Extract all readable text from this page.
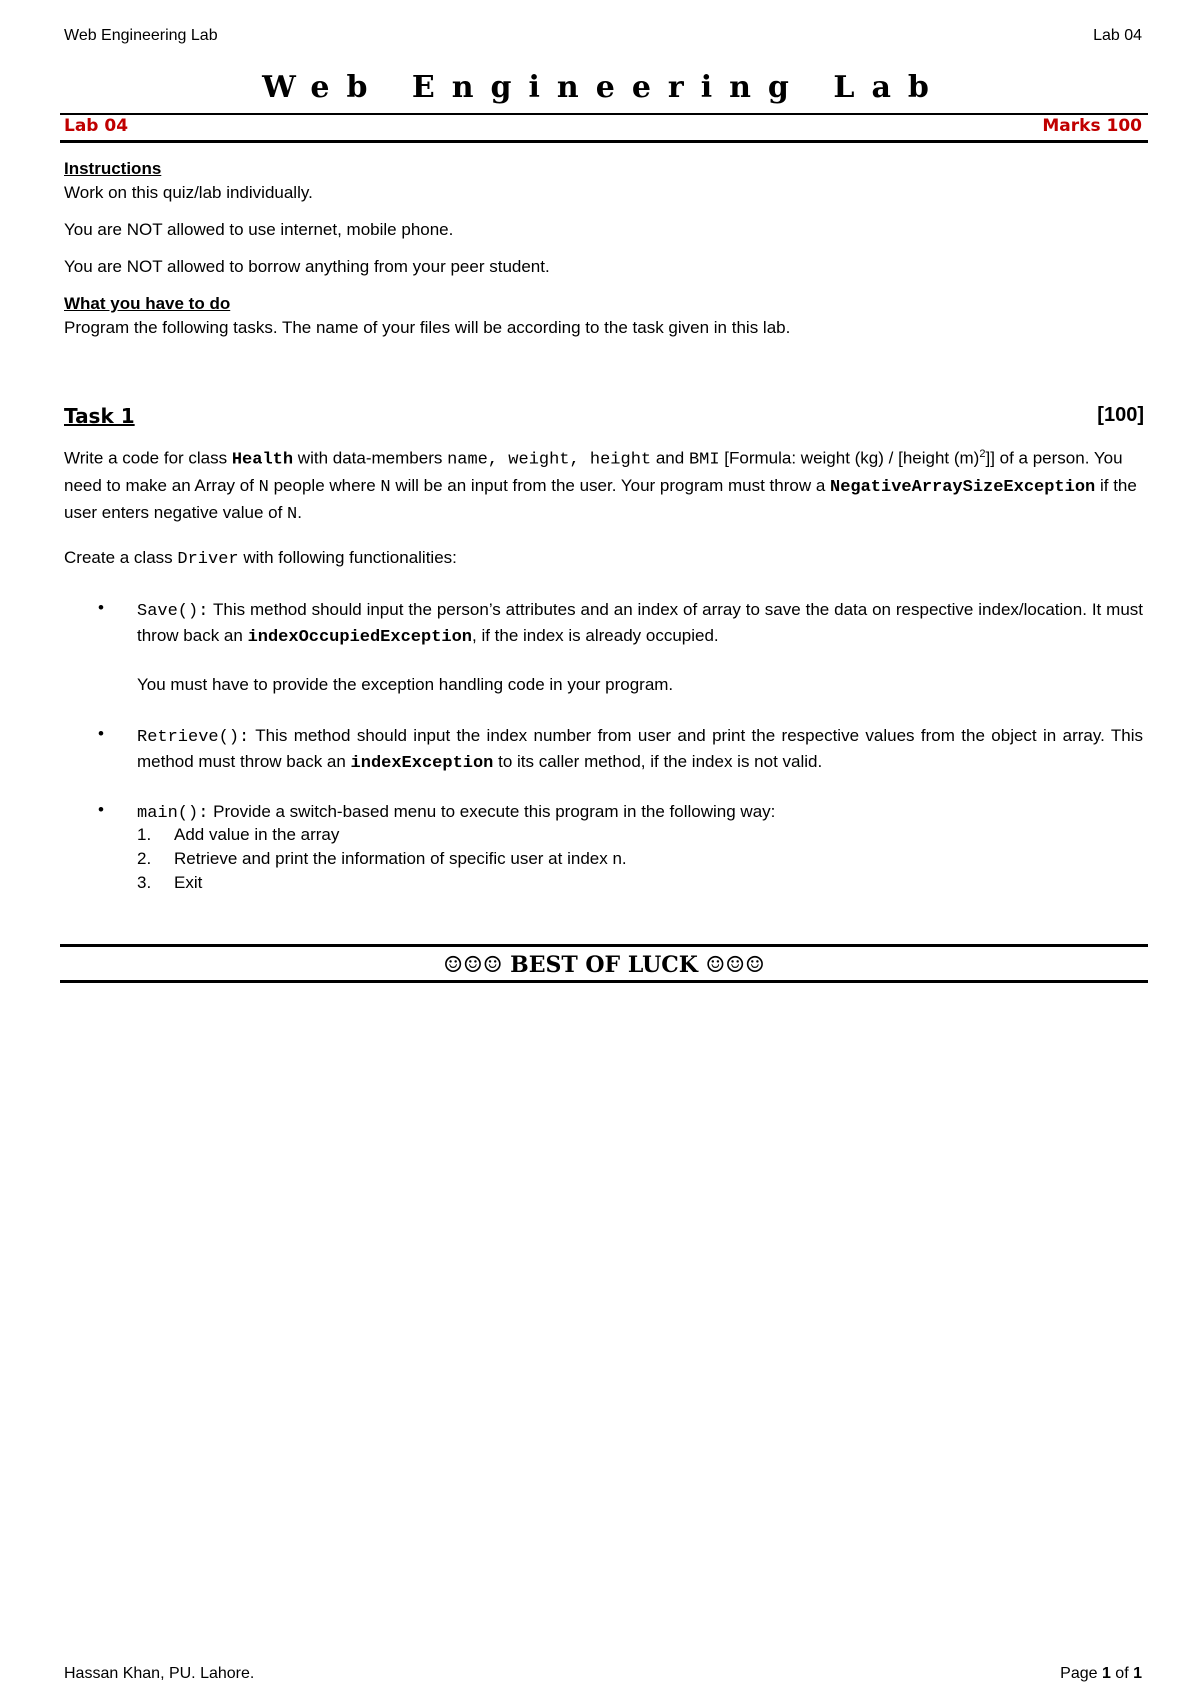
Web Engineering Lab	Lab 04
Web Engineering Lab
Lab 04	Marks 100
Instructions
Work on this quiz/lab individually.
You are NOT allowed to use internet, mobile phone.
You are NOT allowed to borrow anything from your peer student.
What you have to do
Program the following tasks. The name of your files will be according to the task given in this lab.
Task 1	[100]
Write a code for class Health with data-members name, weight, height and BMI [Formula: weight (kg) / [height $(m)^2$]] of a person. You need to make an Array of N people where N will be an input from the user. Your program must throw a NegativeArraySizeException if the user enters negative value of N.
Create a class Driver with following functionalities:
•	Save(): This method should input the person’s attributes and an index of array to save the data on respective index/location. It must throw back an indexOccupiedException, if the index is already occupied.
You must have to provide the exception handling code in your program.
•	Retrieve(): This method should input the index number from user and print the respective values from the object in array. This method must throw back an indexException to its caller method, if the index is not valid.
•	main(): Provide a switch-based menu to execute this program in the following way:
1. Add value in the array
2. Retrieve and print the information of specific user at index n.
3. Exit
☺☺☺ BEST OF LUCK ☺☺☺
Hassan Khan, PU. Lahore.	Page 1 of 1
